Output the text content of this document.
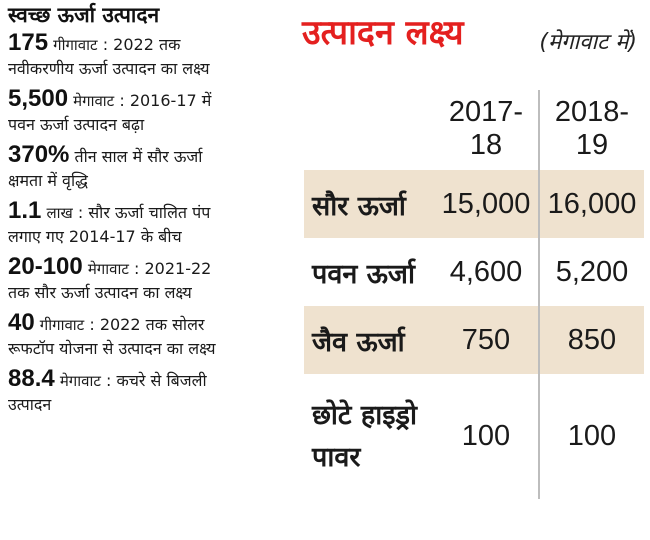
स्वच्छ ऊर्जा उत्पादन
175 गीगावाट : 2022 तक
नवीकरणीय ऊर्जा उत्पादन का लक्ष्य
5,500 मेगावाट : 2016-17 में
पवन ऊर्जा उत्पादन बढ़ा
370% तीन साल में सौर ऊर्जा
क्षमता में वृद्धि
1.1 लाख : सौर ऊर्जा चालित पंप
लगाए गए 2014-17 के बीच
20-100 मेगावाट : 2021-22
तक सौर ऊर्जा उत्पादन का लक्ष्य
40 गीगावाट : 2022 तक सोलर
रूफटॉप योजना से उत्पादन का लक्ष्य
88.4 मेगावाट : कचरे से बिजली
उत्पादन
उत्पादन लक्ष्य	(मेगावाट में)
	2017-18	2018-19
सौर ऊर्जा	15,000	16,000
पवन ऊर्जा	4,600	5,200
जैव ऊर्जा	750	850
छोटे हाइड्रो पावर	100	100
